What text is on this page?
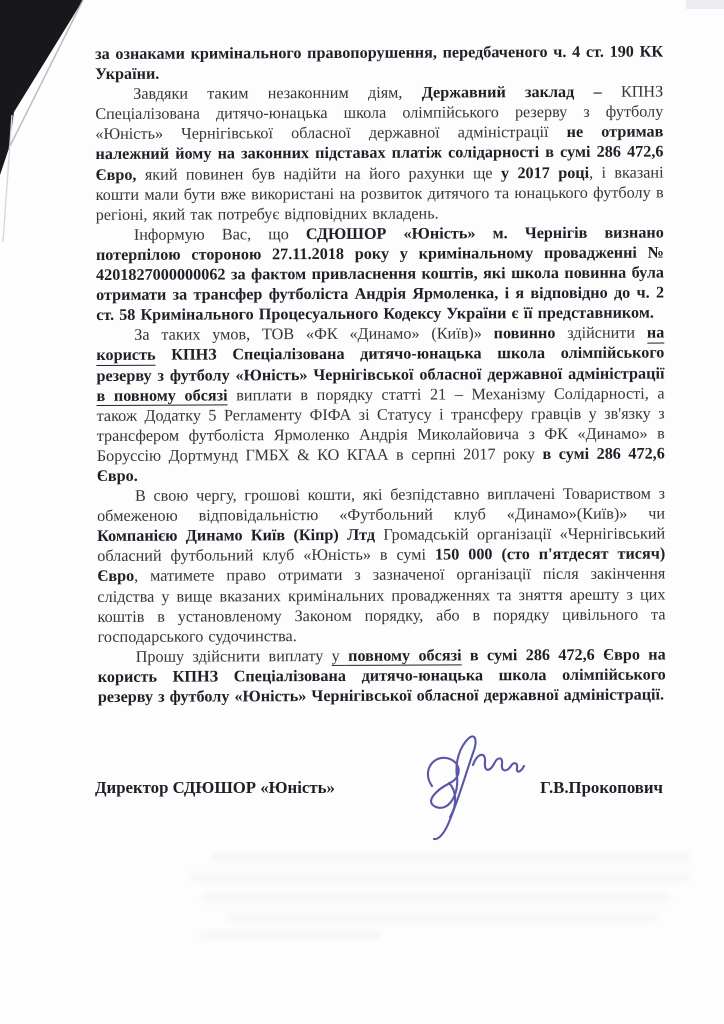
за ознаками кримінального правопорушення, передбаченого ч. 4 ст. 190 КК України.

Завдяки таким незаконним діям, Державний заклад – КПНЗ Спеціалізована дитячо-юнацька школа олімпійського резерву з футболу «Юність» Чернігівської обласної державної адміністрації не отримав належний йому на законних підставах платіж солідарності в сумі 286 472,6 Євро, який повинен був надійти на його рахунки ще у 2017 році, і вказані кошти мали бути вже використані на розвиток дитячого та юнацького футболу в регіоні, який так потребує відповідних вкладень.

Інформую Вас, що СДЮШОР «Юність» м. Чернігів визнано потерпілою стороною 27.11.2018 року у кримінальному провадженні № 4201827000000062 за фактом привласнення коштів, які школа повинна була отримати за трансфер футболіста Андрія Ярмоленка, і я відповідно до ч. 2 ст. 58 Кримінального Процесуального Кодексу України є її представником.

За таких умов, ТОВ «ФК «Динамо» (Київ)» повинно здійснити на користь КПНЗ Спеціалізована дитячо-юнацька школа олімпійського резерву з футболу «Юність» Чернігівської обласної державної адміністрації в повному обсязі виплати в порядку статті 21 – Механізму Солідарності, а також Додатку 5 Регламенту ФІФА зі Статусу і трансферу гравців у зв'язку з трансфером футболіста Ярмоленко Андрія Миколайовича з ФК «Динамо» в Боруссію Дортмунд ГМБХ & КО КГАА в серпні 2017 року в сумі 286 472,6 Євро.

В свою чергу, грошові кошти, які безпідставно виплачені Товариством з обмеженою відповідальністю «Футбольний клуб «Динамо»(Київ)» чи Компанією Динамо Київ (Кіпр) Лтд Громадській організації «Чернігівський обласний футбольний клуб «Юність» в сумі 150 000 (сто п'ятдесят тисяч) Євро, матимете право отримати з зазначеної організації після закінчення слідства у вище вказаних кримінальних провадженнях та зняття арешту з цих коштів в установленому Законом порядку, або в порядку цивільного та господарського судочинства.

Прошу здійснити виплату у повному обсязі в сумі 286 472,6 Євро на користь КПНЗ Спеціалізована дитячо-юнацька школа олімпійського резерву з футболу «Юність» Чернігівської обласної державної адміністрації.

Директор СДЮШОР «Юність»	Г.В.Прокопович
